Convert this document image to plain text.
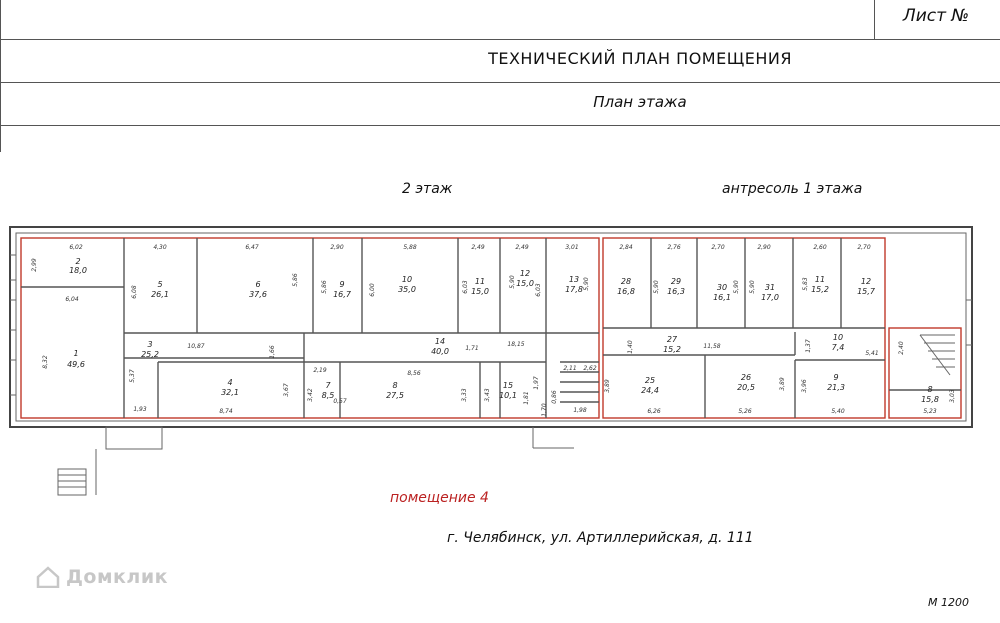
Лист №
ТЕХНИЧЕСКИЙ ПЛАН ПОМЕЩЕНИЯ
План этажа
2 этаж	антресоль 1 этажа
2
18,0
1
49,6
3
25,2
4
32,1
5
26,1
6
37,6
7
8,5
8
27,5
9
16,7
10
35,0
11
15,0
12
15,0	13
17,8
14
40,0
15
10,1
28
16,8
29
16,3	30
16,1
31
17,0
11
15,2
12
15,7
27
15,2
10
7,4
25
24,4
26
20,5
9
21,3	8
15,8
6,02
2,99
4,30	6,47	2,90	5,88	2,49	2,49	3,01
6,04
6,08
5,86
5,86	6,00	6,03	5,90
6,03	5,90
8,32
10,87	1,66
18,15
1,71
5,37
1,93	8,74
3,67
2,19
3,42	0,57
8,56
3,33	3,43
1,97
1,81
1,70
0,86
2,11 2,62
1,98
2,84	2,76	2,70	2,90	2,60	2,70
5,90	5,90 5,90	5,83
1,40	11,58	1,37
5,41	2,40
3,89	3,89	3,96
6,26	5,26	5,40	5,23
3,03
помещение 4
г. Челябинск, ул. Артиллерийская, д. 111
Домклик
М 1200
